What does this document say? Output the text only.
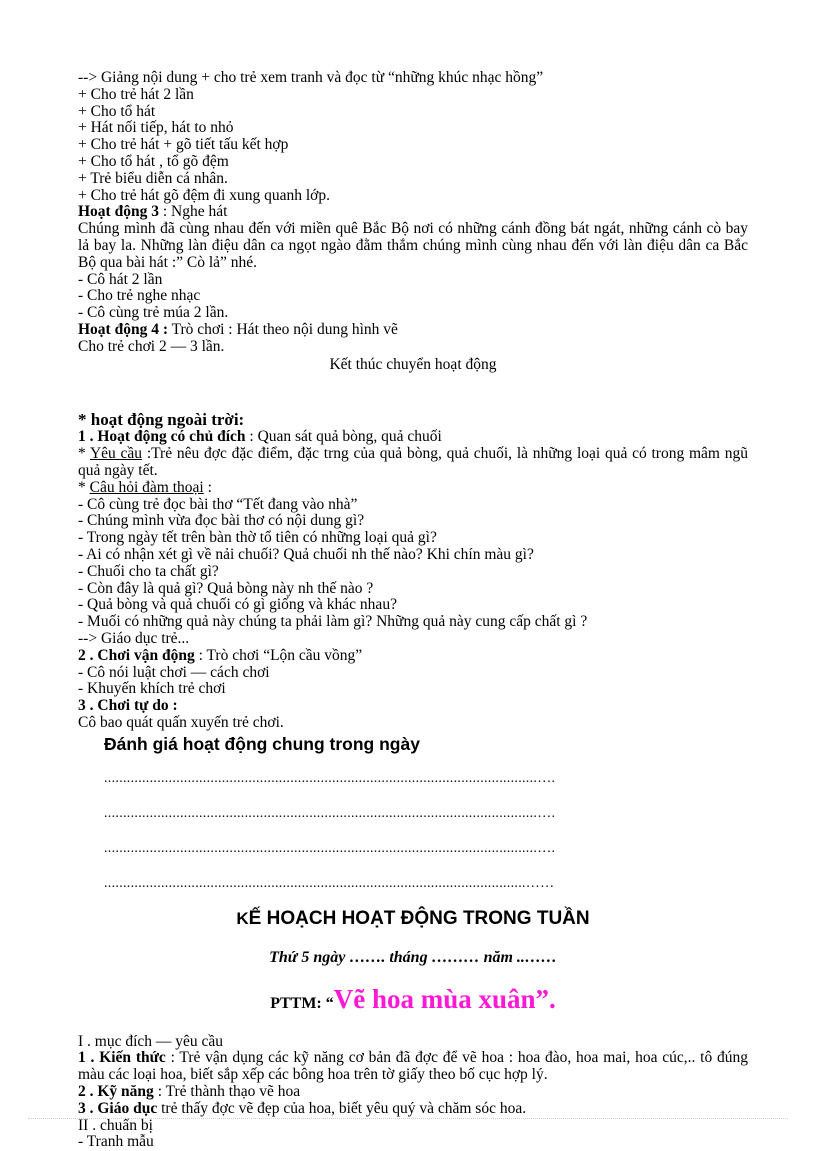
--> Giảng nội dung + cho trẻ xem tranh và đọc từ “những khúc nhạc hồng”

+ Cho trẻ hát 2 lần

+ Cho tổ hát

+ Hát nối tiếp, hát to nhỏ

+ Cho trẻ hát + gõ tiết tấu kết hợp

+ Cho tổ hát , tổ gõ đệm

+ Trẻ biểu diễn cá nhân.

+ Cho trẻ hát gõ đệm đi xung quanh lớp.

Hoạt động 3 : Nghe hát

Chúng mình đã cùng nhau đến với miền quê Bắc Bộ nơi có những cánh đồng bát ngát, những cánh cò bay lả bay la. Những làn điệu dân ca ngọt ngào đằm thắm chúng mình cùng nhau đến với làn điệu dân ca Bắc Bộ qua bài hát :” Cò lả” nhé.

- Cô hát 2 lần

- Cho trẻ nghe nhạc

- Cô cùng trẻ múa 2 lần.

Hoạt động 4 : Trò chơi : Hát theo nội dung hình vẽ

Cho trẻ chơi 2 — 3 lần.

Kết thúc chuyển hoạt động

* hoạt động ngoài trời:

1 . Hoạt động có chủ đích : Quan sát quả bòng, quả chuối

* Yêu cầu :Trẻ nêu đợc đặc điểm, đặc trng của quả bòng, quả chuối, là những loại quả có trong mâm ngũ quả ngày tết.

* Câu hỏi đàm thoại :

- Cô cùng trẻ đọc bài thơ “Tết đang vào nhà”

- Chúng mình vừa đọc bài thơ có nội dung gì?

- Trong ngày tết trên bàn thờ tổ tiên có những loại quả gì?

- Ai có nhận xét gì về nải chuối? Quả chuối nh thế nào? Khi chín màu gì?

- Chuối cho ta chất gì?

- Còn đây là quả gì? Quả bòng này nh thế nào ?

- Quả bòng và quả chuối có gì giống và khác nhau?

- Muối có những quả này chúng ta phải làm gì? Những quả này cung cấp chất gì ?

--> Giáo dục trẻ...

2 . Chơi vận động : Trò chơi “Lộn cầu vồng”

- Cô nói luật chơi — cách chơi

- Khuyến khích trẻ chơi

3 . Chơi tự do :

Cô bao quát quấn xuyến trẻ chơi.

Đánh giá hoạt động chung trong ngày

..................................................................................................................….

..................................................................................................................….

..................................................................................................................….

...............................................................................................................……

KẾ HOẠCH HOẠT ĐỘNG TRONG TUẦN

Thứ 5 ngày ……. tháng ……… năm ..……

PTTM: “Vẽ hoa mùa xuân”.

I . mục đích — yêu cầu

1 . Kiến thức : Trẻ vận dụng các kỹ năng cơ bản đã đợc để vẽ hoa : hoa đào, hoa mai, hoa cúc,.. tô đúng màu các loại hoa, biết sắp xếp các bông hoa trên tờ giấy theo bố cục hợp lý.

2 . Kỹ năng : Trẻ thành thạo vẽ hoa

3 . Giáo dục trẻ thấy đợc vẽ đẹp của hoa, biết yêu quý và chăm sóc hoa.

II . chuẩn bị

- Tranh mẫu
